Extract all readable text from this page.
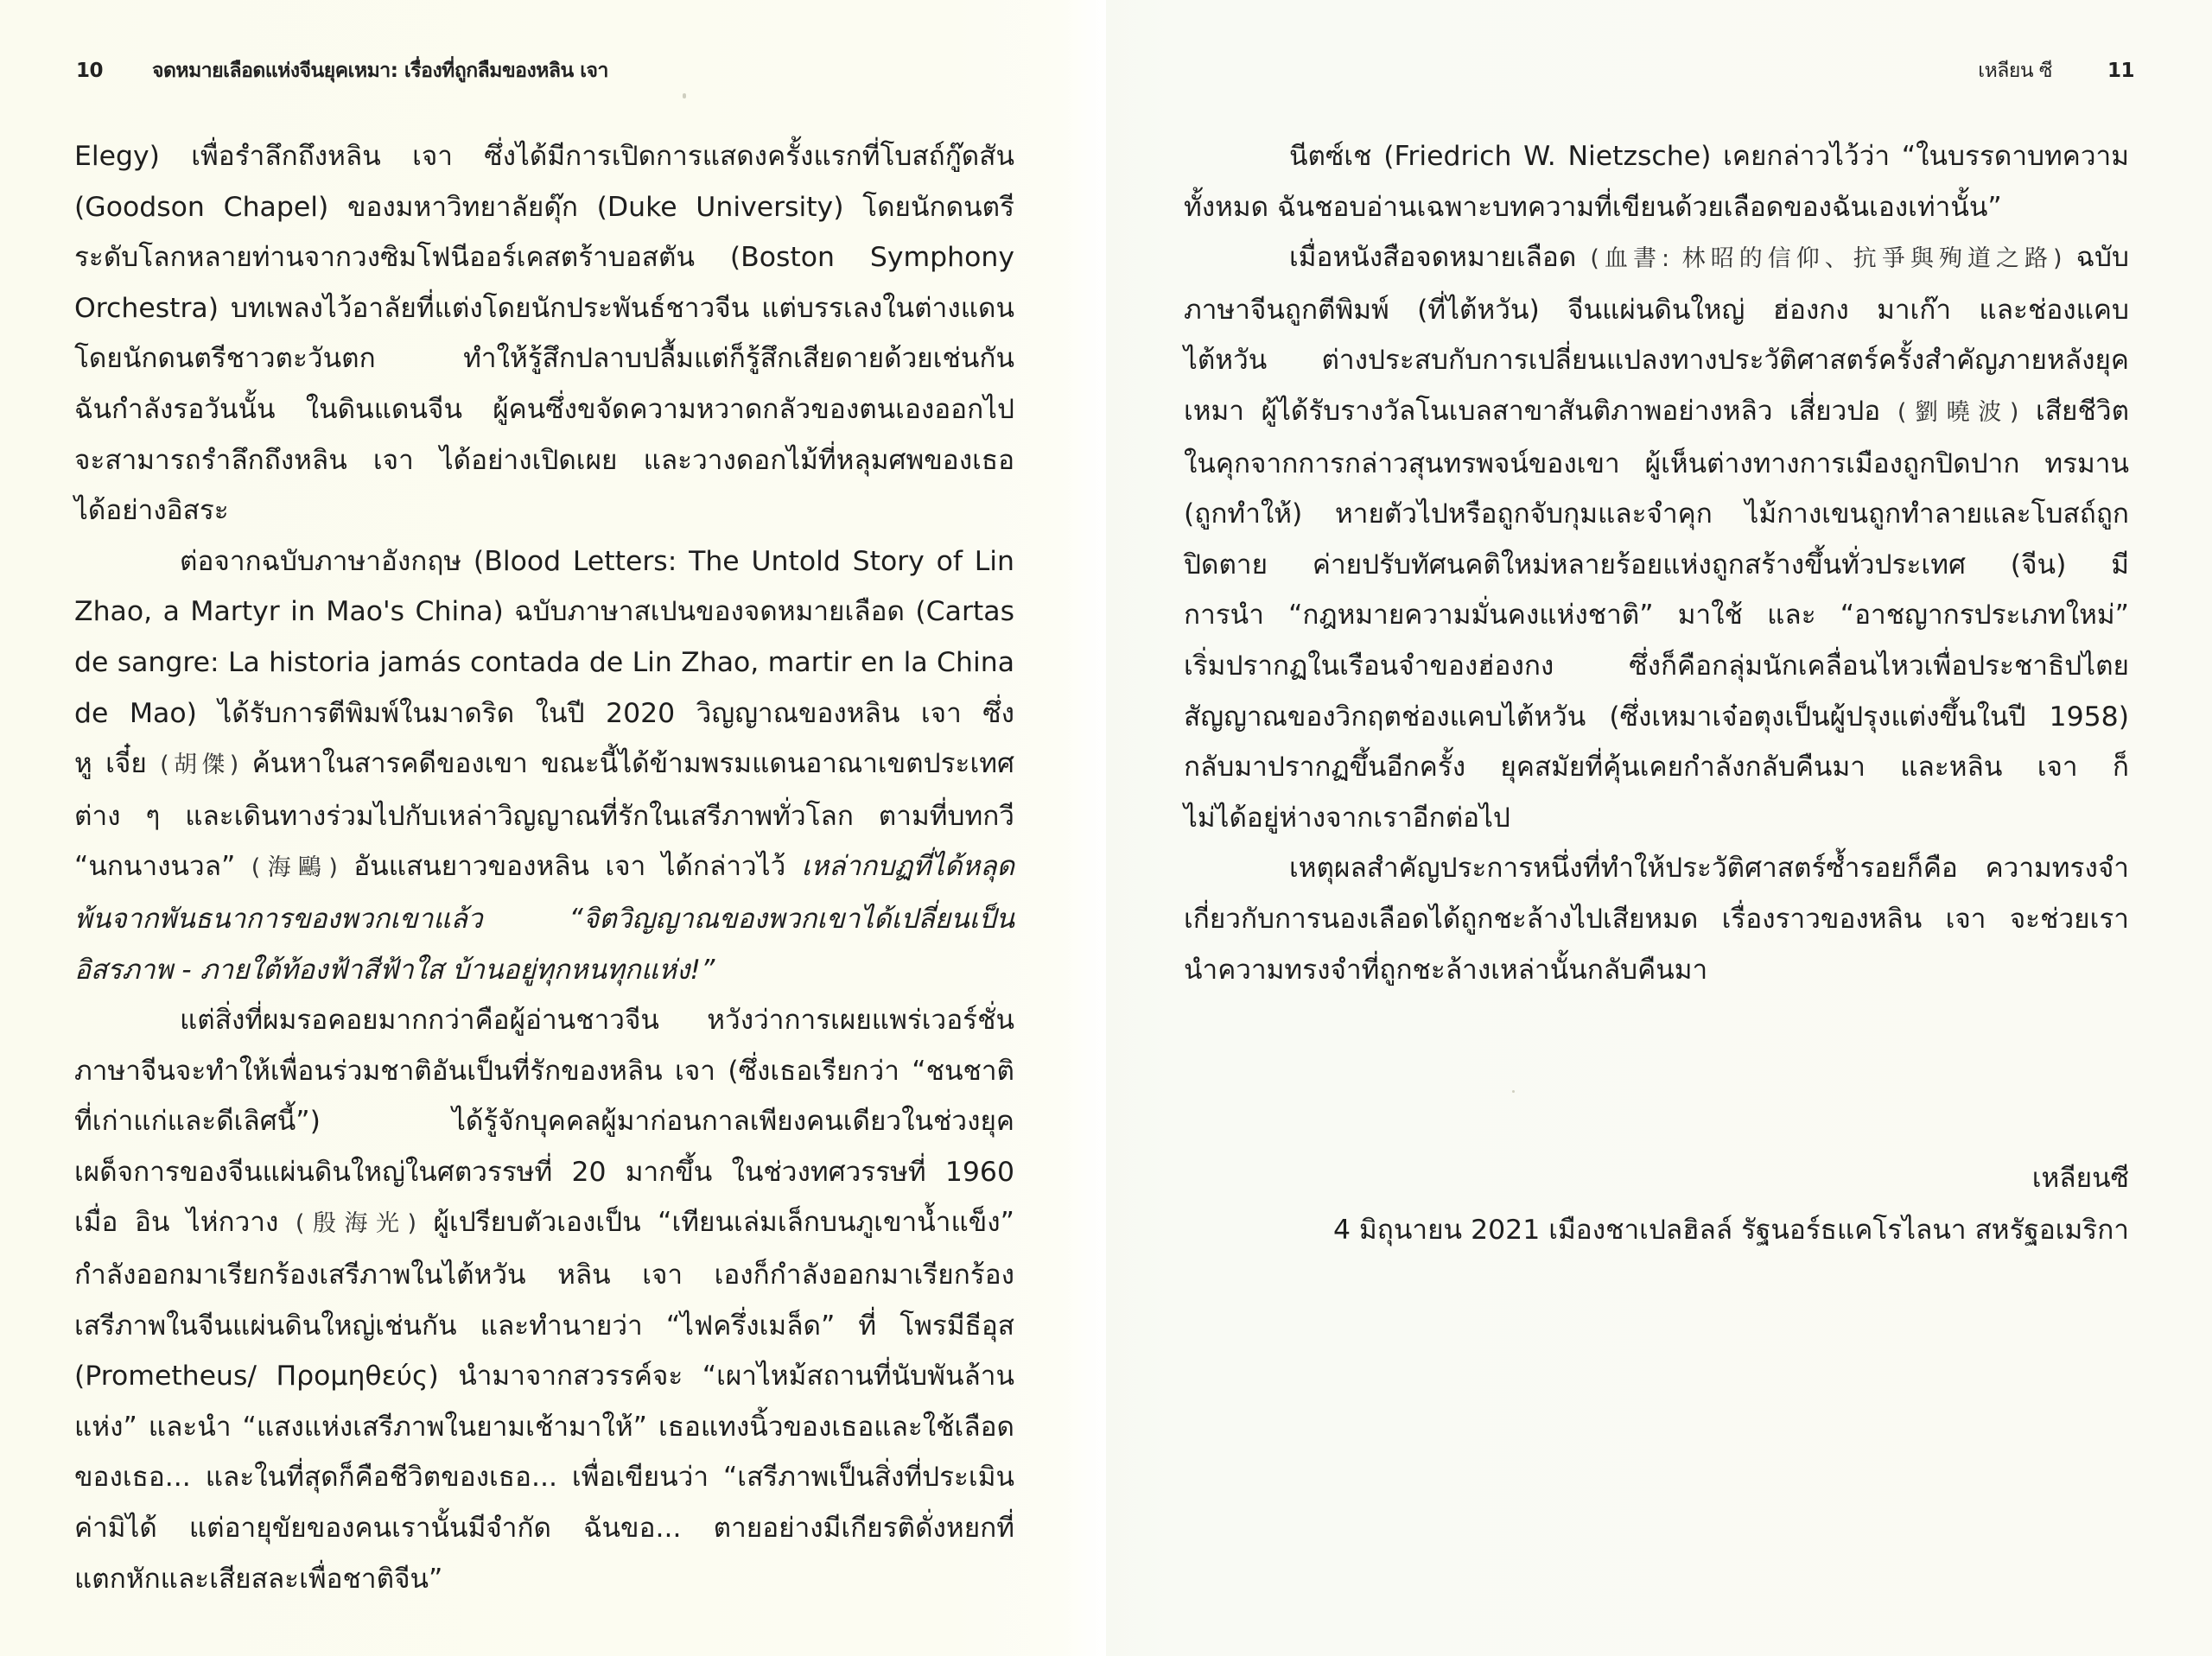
10 จดหมายเลือดแห่งจีนยุคเหมา: เรื่องที่ถูกลืมของหลิน เจา
Elegy) เพื่อรำลึกถึงหลิน เจา ซึ่งได้มีการเปิดการแสดงครั้งแรกที่โบสถ์กู๊ดสัน
(Goodson Chapel) ของมหาวิทยาลัยดุ๊ก (Duke University) โดยนักดนตรี
ระดับโลกหลายท่านจากวงซิมโฟนีออร์เคสตร้าบอสตัน (Boston Symphony
Orchestra) บทเพลงไว้อาลัยที่แต่งโดยนักประพันธ์ชาวจีน แต่บรรเลงในต่างแดน
โดยนักดนตรีชาวตะวันตก ทำให้รู้สึกปลาบปลื้มแต่ก็รู้สึกเสียดายด้วยเช่นกัน
ฉันกำลังรอวันนั้น ในดินแดนจีน ผู้คนซึ่งขจัดความหวาดกลัวของตนเองออกไป
จะสามารถรำลึกถึงหลิน เจา ได้อย่างเปิดเผย และวางดอกไม้ที่หลุมศพของเธอ
ได้อย่างอิสระ
ต่อจากฉบับภาษาอังกฤษ (Blood Letters: The Untold Story of Lin
Zhao, a Martyr in Mao's China) ฉบับภาษาสเปนของจดหมายเลือด (Cartas
de sangre: La historia jamás contada de Lin Zhao, martir en la China
de Mao) ได้รับการตีพิมพ์ในมาดริด ในปี 2020 วิญญาณของหลิน เจา ซึ่ง
หู เจี๋ย (胡傑) ค้นหาในสารคดีของเขา ขณะนี้ได้ข้ามพรมแดนอาณาเขตประเทศ
ต่าง ๆ และเดินทางร่วมไปกับเหล่าวิญญาณที่รักในเสรีภาพทั่วโลก ตามที่บทกวี
“นกนางนวล” (海鷗) อันแสนยาวของหลิน เจา ได้กล่าวไว้ เหล่ากบฏที่ได้หลุด
พ้นจากพันธนาการของพวกเขาแล้ว “จิตวิญญาณของพวกเขาได้เปลี่ยนเป็น
อิสรภาพ - ภายใต้ท้องฟ้าสีฟ้าใส บ้านอยู่ทุกหนทุกแห่ง!”
แต่สิ่งที่ผมรอคอยมากกว่าคือผู้อ่านชาวจีน หวังว่าการเผยแพร่เวอร์ชั่น
ภาษาจีนจะทำให้เพื่อนร่วมชาติอันเป็นที่รักของหลิน เจา (ซึ่งเธอเรียกว่า “ชนชาติ
ที่เก่าแก่และดีเลิศนี้”) ได้รู้จักบุคคลผู้มาก่อนกาลเพียงคนเดียวในช่วงยุค
เผด็จการของจีนแผ่นดินใหญ่ในศตวรรษที่ 20 มากขึ้น ในช่วงทศวรรษที่ 1960
เมื่อ อิน ไห่กวาง (殷海光) ผู้เปรียบตัวเองเป็น “เทียนเล่มเล็กบนภูเขาน้ำแข็ง”
กำลังออกมาเรียกร้องเสรีภาพในไต้หวัน หลิน เจา เองก็กำลังออกมาเรียกร้อง
เสรีภาพในจีนแผ่นดินใหญ่เช่นกัน และทำนายว่า “ไฟครึ่งเมล็ด” ที่ โพรมีธีอุส
(Prometheus/ Προμηθεύς) นำมาจากสวรรค์จะ “เผาไหม้สถานที่นับพันล้าน
แห่ง” และนำ “แสงแห่งเสรีภาพในยามเช้ามาให้” เธอแทงนิ้วของเธอและใช้เลือด
ของเธอ... และในที่สุดก็คือชีวิตของเธอ... เพื่อเขียนว่า “เสรีภาพเป็นสิ่งที่ประเมิน
ค่ามิได้ แต่อายุขัยของคนเรานั้นมีจำกัด ฉันขอ... ตายอย่างมีเกียรติดั่งหยกที่
แตกหักและเสียสละเพื่อชาติจีน”
เหลียน ซี	11
นีตซ์เช (Friedrich W. Nietzsche) เคยกล่าวไว้ว่า “ในบรรดาบทความ
ทั้งหมด ฉันชอบอ่านเฉพาะบทความที่เขียนด้วยเลือดของฉันเองเท่านั้น”
เมื่อหนังสือจดหมายเลือด (血書: 林昭的信仰、抗爭與殉道之路) ฉบับ
ภาษาจีนถูกตีพิมพ์ (ที่ไต้หวัน) จีนแผ่นดินใหญ่ ฮ่องกง มาเก๊า และช่องแคบ
ไต้หวัน ต่างประสบกับการเปลี่ยนแปลงทางประวัติศาสตร์ครั้งสำคัญภายหลังยุค
เหมา ผู้ได้รับรางวัลโนเบลสาขาสันติภาพอย่างหลิว เสี่ยวปอ (劉曉波) เสียชีวิต
ในคุกจากการกล่าวสุนทรพจน์ของเขา ผู้เห็นต่างทางการเมืองถูกปิดปาก ทรมาน
(ถูกทำให้) หายตัวไปหรือถูกจับกุมและจำคุก ไม้กางเขนถูกทำลายและโบสถ์ถูก
ปิดตาย ค่ายปรับทัศนคติใหม่หลายร้อยแห่งถูกสร้างขึ้นทั่วประเทศ (จีน) มี
การนำ “กฎหมายความมั่นคงแห่งชาติ” มาใช้ และ “อาชญากรประเภทใหม่”
เริ่มปรากฏในเรือนจำของฮ่องกง ซึ่งก็คือกลุ่มนักเคลื่อนไหวเพื่อประชาธิปไตย
สัญญาณของวิกฤตช่องแคบไต้หวัน (ซึ่งเหมาเจ๋อตุงเป็นผู้ปรุงแต่งขึ้นในปี 1958)
กลับมาปรากฏขึ้นอีกครั้ง ยุคสมัยที่คุ้นเคยกำลังกลับคืนมา และหลิน เจา ก็
ไม่ได้อยู่ห่างจากเราอีกต่อไป
เหตุผลสำคัญประการหนึ่งที่ทำให้ประวัติศาสตร์ซ้ำรอยก็คือ ความทรงจำ
เกี่ยวกับการนองเลือดได้ถูกชะล้างไปเสียหมด เรื่องราวของหลิน เจา จะช่วยเรา
นำความทรงจำที่ถูกชะล้างเหล่านั้นกลับคืนมา
เหลียนซี
4 มิถุนายน 2021 เมืองชาเปลฮิลล์ รัฐนอร์ธแคโรไลนา สหรัฐอเมริกา
